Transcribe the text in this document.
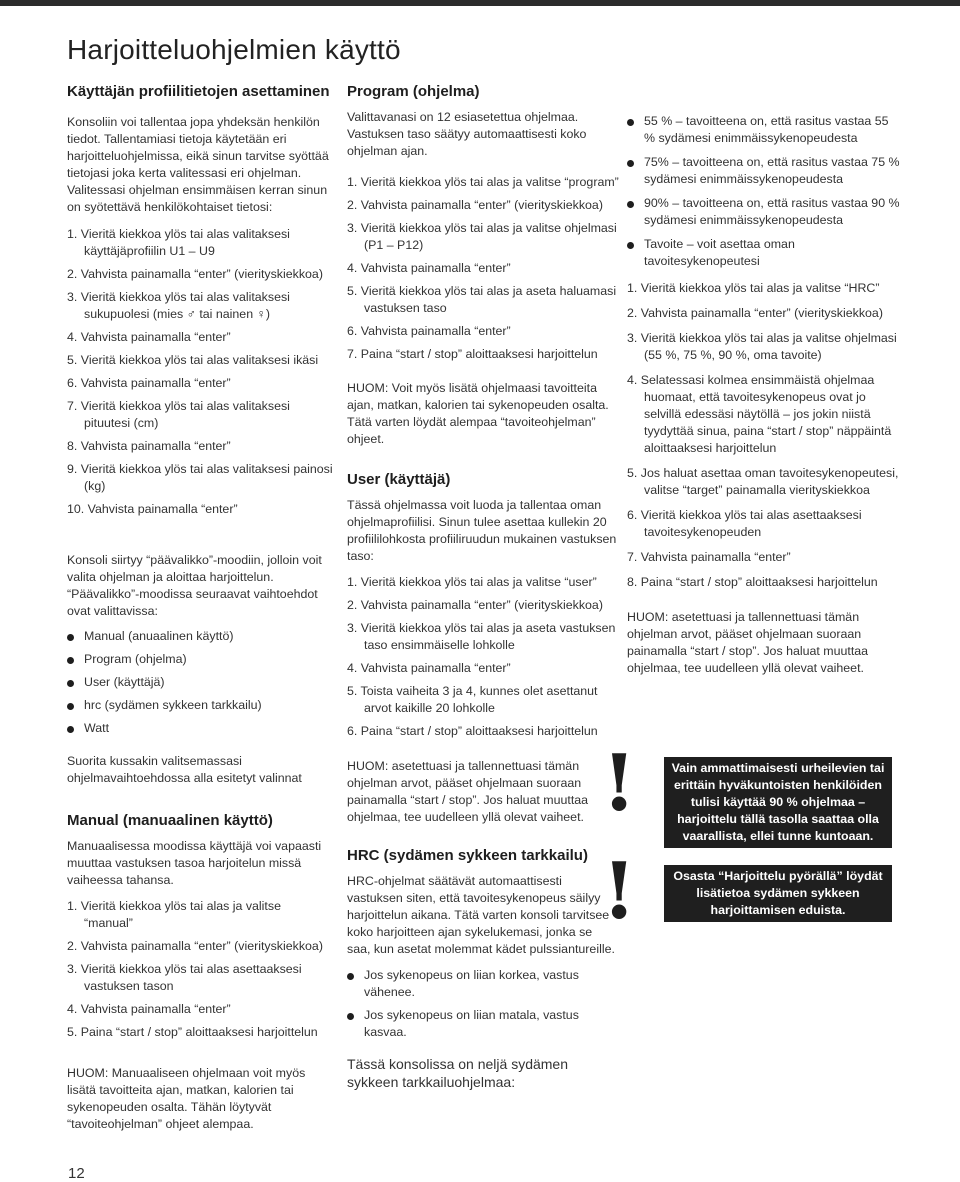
Harjoitteluohjelmien käyttö
Käyttäjän profiilitietojen asettaminen

Konsoliin voi tallentaa jopa yhdeksän henkilön tiedot. Tallentamiasi tietoja käytetään eri harjoitteluohjelmissa, eikä sinun tarvitse syöttää tietojasi joka kerta valitessasi eri ohjelman. Valitessasi ohjelman ensimmäisen kerran sinun on syötettävä henkilökohtaiset tietosi:

1. Vieritä kiekkoa ylös tai alas valitaksesi käyttäjäprofiilin U1 – U9

2. Vahvista painamalla “enter” (vierityskiekkoa)

3. Vieritä kiekkoa ylös tai alas valitaksesi sukupuolesi (mies ♂ tai nainen ♀)

4. Vahvista painamalla “enter”

5. Vieritä kiekkoa ylös tai alas valitaksesi ikäsi

6. Vahvista painamalla “enter”

7. Vieritä kiekkoa ylös tai alas valitaksesi pituutesi (cm)

8. Vahvista painamalla “enter”

9. Vieritä kiekkoa ylös tai alas valitaksesi painosi (kg)

10. Vahvista painamalla “enter”

Konsoli siirtyy “päävalikko”-moodiin, jolloin voit valita ohjelman ja aloittaa harjoittelun. “Päävalikko”-moodissa seuraavat vaihtoehdot ovat valittavissa:

Manual (anuaalinen käyttö)

Program (ohjelma)

User (käyttäjä)

hrc (sydämen sykkeen tarkkailu)

Watt

Suorita kussakin valitsemassasi ohjelmavaihtoehdossa alla esitetyt valinnat

Manual (manuaalinen käyttö)

Manuaalisessa moodissa käyttäjä voi vapaasti muuttaa vastuksen tasoa harjoitelun missä vaiheessa tahansa.

1. Vieritä kiekkoa ylös tai alas ja valitse “manual”

2. Vahvista painamalla “enter” (vierityskiekkoa)

3. Vieritä kiekkoa ylös tai alas asettaaksesi vastuksen tason

4. Vahvista painamalla “enter”

5. Paina “start / stop” aloittaaksesi harjoittelun

HUOM: Manuaaliseen ohjelmaan voit myös lisätä tavoitteita ajan, matkan, kalorien tai sykenopeuden osalta. Tähän löytyvät “tavoiteohjelman” ohjeet alempaa.

Program (ohjelma)

Valittavanasi on 12 esiasetettua ohjelmaa. Vastuksen taso säätyy automaattisesti koko ohjelman ajan.

1. Vieritä kiekkoa ylös tai alas ja valitse “program”

2. Vahvista painamalla “enter” (vierityskiekkoa)

3. Vieritä kiekkoa ylös tai alas ja valitse ohjelmasi (P1 – P12)

4. Vahvista painamalla “enter”

5. Vieritä kiekkoa ylös tai alas ja aseta haluamasi vastuksen taso

6. Vahvista painamalla “enter”

7. Paina “start / stop” aloittaaksesi harjoittelun

HUOM: Voit myös lisätä ohjelmaasi tavoitteita ajan, matkan, kalorien tai sykenopeuden osalta. Tätä varten löydät alempaa “tavoiteohjelman” ohjeet.

User (käyttäjä)

Tässä ohjelmassa voit luoda ja tallentaa oman ohjelmaprofiilisi. Sinun tulee asettaa kullekin 20 profiililohkosta profiiliruudun mukainen vastuksen taso:

1. Vieritä kiekkoa ylös tai alas ja valitse “user”

2. Vahvista painamalla “enter” (vierityskiekkoa)

3. Vieritä kiekkoa ylös tai alas ja aseta vastuksen taso ensimmäiselle lohkolle

4. Vahvista painamalla “enter”

5. Toista vaiheita 3 ja 4, kunnes olet asettanut arvot kaikille 20 lohkolle

6. Paina “start / stop” aloittaaksesi harjoittelun

HUOM: asetettuasi ja tallennettuasi tämän ohjelman arvot, pääset ohjelmaan suoraan painamalla “start / stop”. Jos haluat muuttaa ohjelmaa, tee uudelleen yllä olevat vaiheet.

HRC (sydämen sykkeen tarkkailu)

HRC-ohjelmat säätävät automaattisesti vastuksen siten, että tavoitesykenopeus säilyy harjoittelun aikana. Tätä varten konsoli tarvitsee koko harjoitteen ajan sykelukemasi, jonka se saa, kun asetat molemmat kädet pulssiantureille.

Jos sykenopeus on liian korkea, vastus vähenee.

Jos sykenopeus on liian matala, vastus kasvaa.

Tässä konsolissa on neljä sydämen sykkeen tarkkailuohjelmaa:

55 % – tavoitteena on, että rasitus vastaa 55 % sydämesi enimmäissykenopeudesta

75% – tavoitteena on, että rasitus vastaa 75 % sydämesi enimmäissykenopeudesta

90% – tavoitteena on, että rasitus vastaa 90 % sydämesi enimmäissykenopeudesta

Tavoite – voit asettaa oman tavoitesykenopeutesi

1. Vieritä kiekkoa ylös tai alas ja valitse “HRC”

2. Vahvista painamalla “enter” (vierityskiekkoa)

3. Vieritä kiekkoa ylös tai alas ja valitse ohjelmasi (55 %, 75 %, 90 %, oma tavoite)

4. Selatessasi kolmea ensimmäistä ohjelmaa huomaat, että tavoitesykenopeus ovat jo selvillä edessäsi näytöllä – jos jokin niistä tyydyttää sinua, paina “start / stop” näppäintä aloittaaksesi harjoittelun

5. Jos haluat asettaa oman tavoitesykenopeutesi, valitse “target” painamalla vierityskiekkoa

6. Vieritä kiekkoa ylös tai alas asettaaksesi tavoitesykenopeuden

7. Vahvista painamalla “enter”

8. Paina “start / stop” aloittaaksesi harjoittelun

HUOM: asetettuasi ja tallennettuasi tämän ohjelman arvot, pääset ohjelmaan suoraan painamalla “start / stop”. Jos haluat muuttaa ohjelmaa, tee uudelleen yllä olevat vaiheet.

!	Vain ammattimaisesti urheilevien tai erittäin hyväkuntoisten henkilöiden tulisi käyttää 90 % ohjelmaa – harjoittelu tällä tasolla saattaa olla vaarallista, ellei tunne kuntoaan.
!	Osasta “Harjoittelu pyörällä” löydät lisätietoa sydämen sykkeen harjoittamisen eduista.
12
